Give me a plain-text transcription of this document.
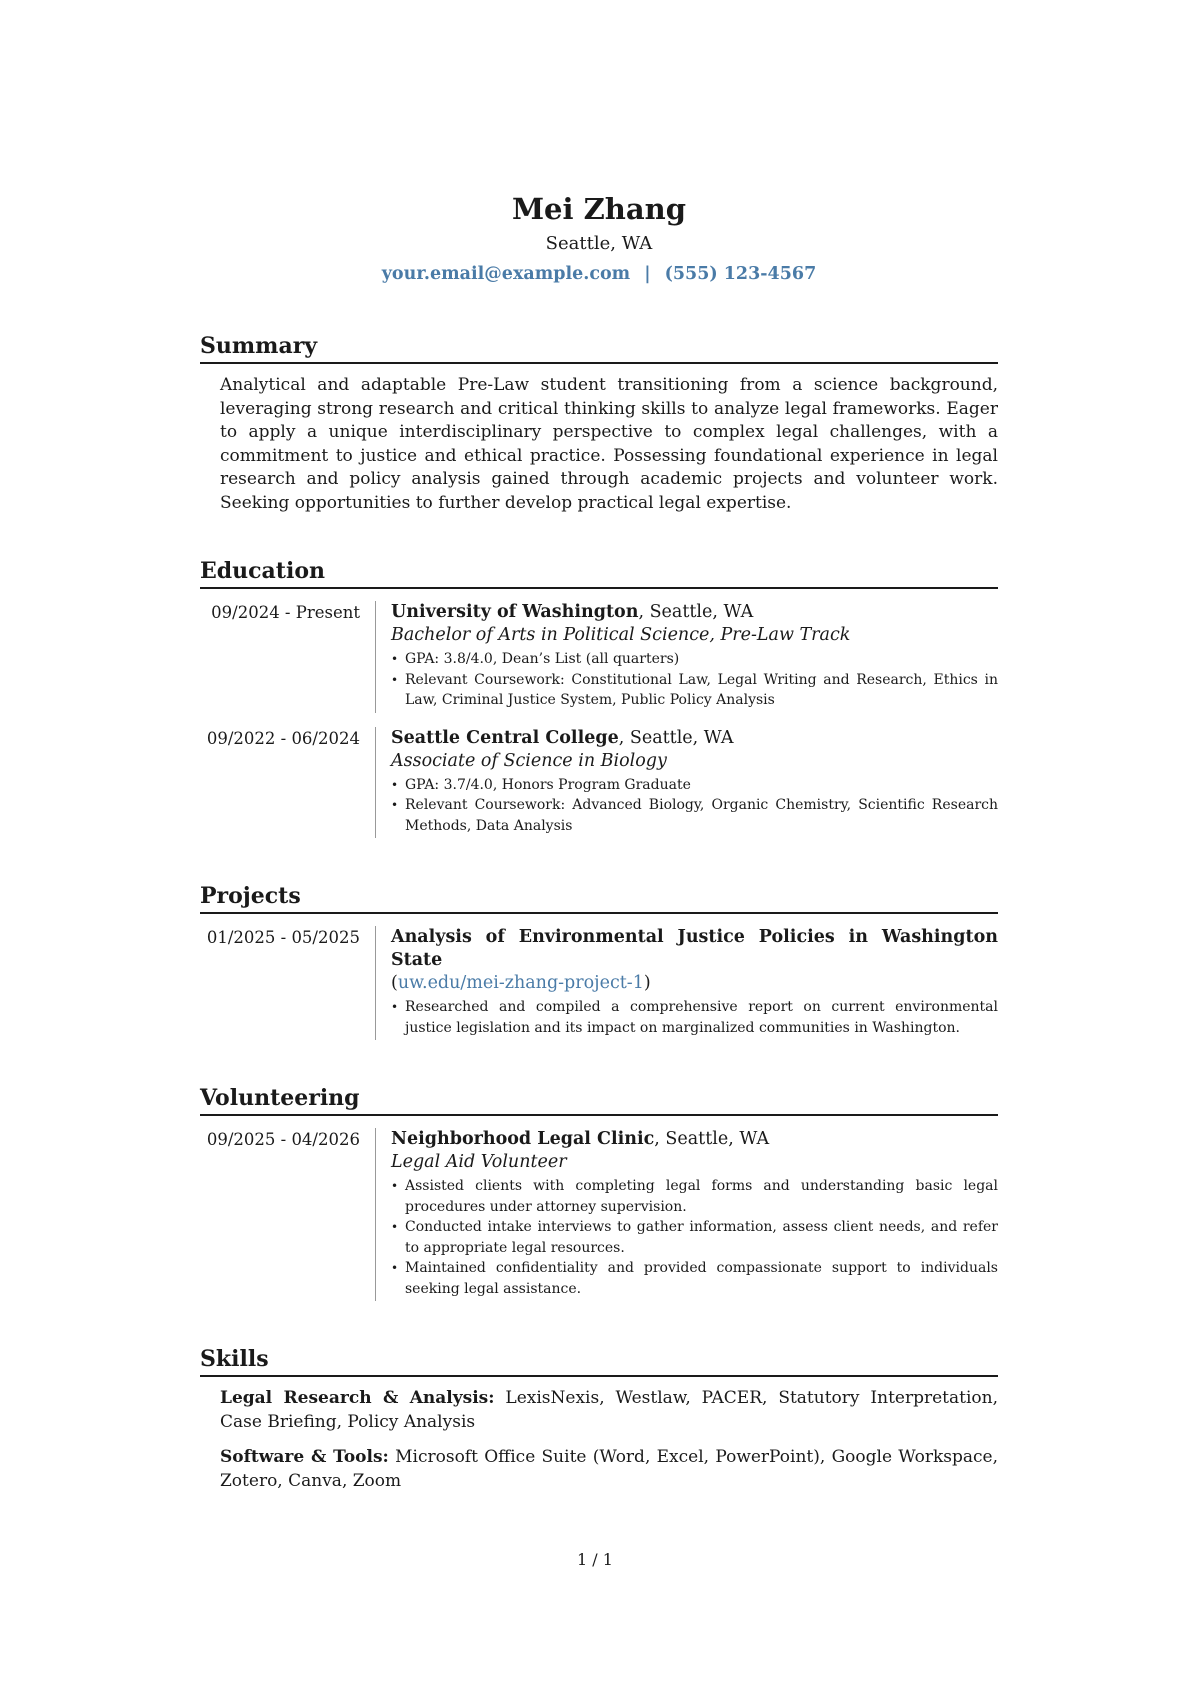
Mei Zhang
Seattle, WA
your.email@example.com | (555) 123-4567
Summary
Analytical and adaptable Pre-Law student transitioning from a science background, leveraging strong research and critical thinking skills to analyze legal frameworks. Eager to apply a unique interdisciplinary perspective to complex legal challenges, with a commitment to justice and ethical practice. Possessing foundational experience in legal research and policy analysis gained through academic projects and volunteer work. Seeking opportunities to further develop practical legal expertise.
Education
09/2024 - Present	University of Washington, Seattle, WA
Bachelor of Arts in Political Science, Pre-Law Track
• GPA: 3.8/4.0, Dean’s List (all quarters)
• Relevant Coursework: Constitutional Law, Legal Writing and Research, Ethics in Law, Criminal Justice System, Public Policy Analysis
09/2022 - 06/2024	Seattle Central College, Seattle, WA
Associate of Science in Biology
• GPA: 3.7/4.0, Honors Program Graduate
• Relevant Coursework: Advanced Biology, Organic Chemistry, Scientific Research Methods, Data Analysis
Projects
01/2025 - 05/2025	Analysis of Environmental Justice Policies in Washington State
(uw.edu/mei-zhang-project-1)
• Researched and compiled a comprehensive report on current environmental justice legislation and its impact on marginalized communities in Washington.
Volunteering
09/2025 - 04/2026	Neighborhood Legal Clinic, Seattle, WA
Legal Aid Volunteer
• Assisted clients with completing legal forms and understanding basic legal procedures under attorney supervision.
• Conducted intake interviews to gather information, assess client needs, and refer to appropriate legal resources.
• Maintained confidentiality and provided compassionate support to individuals seeking legal assistance.
Skills
Legal Research & Analysis: LexisNexis, Westlaw, PACER, Statutory Interpretation, Case Briefing, Policy Analysis
Software & Tools: Microsoft Office Suite (Word, Excel, PowerPoint), Google Workspace, Zotero, Canva, Zoom
1 / 1
